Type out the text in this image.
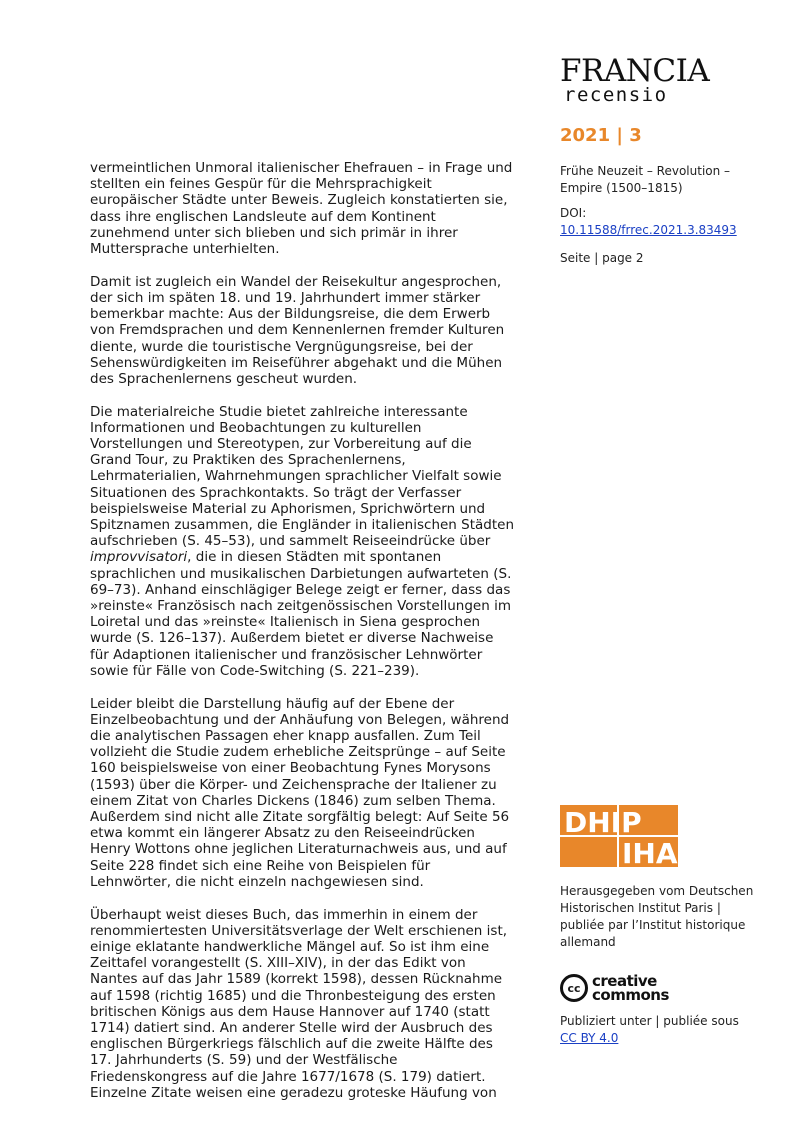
FRANCIA
recensio
2021 | 3
Frühe Neuzeit – Revolution – Empire (1500–1815)
DOI:
10.11588/frrec.2021.3.83493
Seite | page 2

vermeintlichen Unmoral italienischer Ehefrauen – in Frage und stellten ein feines Gespür für die Mehrsprachigkeit europäischer Städte unter Beweis. Zugleich konstatierten sie, dass ihre englischen Landsleute auf dem Kontinent zunehmend unter sich blieben und sich primär in ihrer Muttersprache unterhielten.

Damit ist zugleich ein Wandel der Reisekultur angesprochen, der sich im späten 18. und 19. Jahrhundert immer stärker bemerkbar machte: Aus der Bildungsreise, die dem Erwerb von Fremdsprachen und dem Kennenlernen fremder Kulturen diente, wurde die touristische Vergnügungsreise, bei der Sehenswürdigkeiten im Reiseführer abgehakt und die Mühen des Sprachenlernens gescheut wurden.

Die materialreiche Studie bietet zahlreiche interessante Informationen und Beobachtungen zu kulturellen Vorstellungen und Stereotypen, zur Vorbereitung auf die Grand Tour, zu Praktiken des Sprachenlernens, Lehrmaterialien, Wahrnehmungen sprachlicher Vielfalt sowie Situationen des Sprachkontakts. So trägt der Verfasser beispielsweise Material zu Aphorismen, Sprichwörtern und Spitznamen zusammen, die Engländer in italienischen Städten aufschrieben (S. 45–53), und sammelt Reiseeindrücke über improvvisatori, die in diesen Städten mit spontanen sprachlichen und musikalischen Darbietungen aufwarteten (S. 69–73). Anhand einschlägiger Belege zeigt er ferner, dass das »reinste« Französisch nach zeitgenössischen Vorstellungen im Loiretal und das »reinste« Italienisch in Siena gesprochen wurde (S. 126–137). Außerdem bietet er diverse Nachweise für Adaptionen italienischer und französischer Lehnwörter sowie für Fälle von Code-Switching (S. 221–239).

Leider bleibt die Darstellung häufig auf der Ebene der Einzelbeobachtung und der Anhäufung von Belegen, während die analytischen Passagen eher knapp ausfallen. Zum Teil vollzieht die Studie zudem erhebliche Zeitsprünge – auf Seite 160 beispielsweise von einer Beobachtung Fynes Morysons (1593) über die Körper- und Zeichensprache der Italiener zu einem Zitat von Charles Dickens (1846) zum selben Thema. Außerdem sind nicht alle Zitate sorgfältig belegt: Auf Seite 56 etwa kommt ein längerer Absatz zu den Reiseeindrücken Henry Wottons ohne jeglichen Literaturnachweis aus, und auf Seite 228 findet sich eine Reihe von Beispielen für Lehnwörter, die nicht einzeln nachgewiesen sind.

Überhaupt weist dieses Buch, das immerhin in einem der renommiertesten Universitätsverlage der Welt erschienen ist, einige eklatante handwerkliche Mängel auf. So ist ihm eine Zeittafel vorangestellt (S. XIII–XIV), in der das Edikt von Nantes auf das Jahr 1589 (korrekt 1598), dessen Rücknahme auf 1598 (richtig 1685) und die Thronbesteigung des ersten britischen Königs aus dem Hause Hannover auf 1740 (statt 1714) datiert sind. An anderer Stelle wird der Ausbruch des englischen Bürgerkriegs fälschlich auf die zweite Hälfte des 17. Jahrhunderts (S. 59) und der Westfälische Friedenskongress auf die Jahre 1677/1678 (S. 179) datiert. Einzelne Zitate weisen eine geradezu groteske Häufung von

DHIP
IHA
Herausgegeben vom Deutschen Historischen Institut Paris | publiée par l’Institut historique allemand
cc creative
commons
Publiziert unter | publiée sous
CC BY 4.0
